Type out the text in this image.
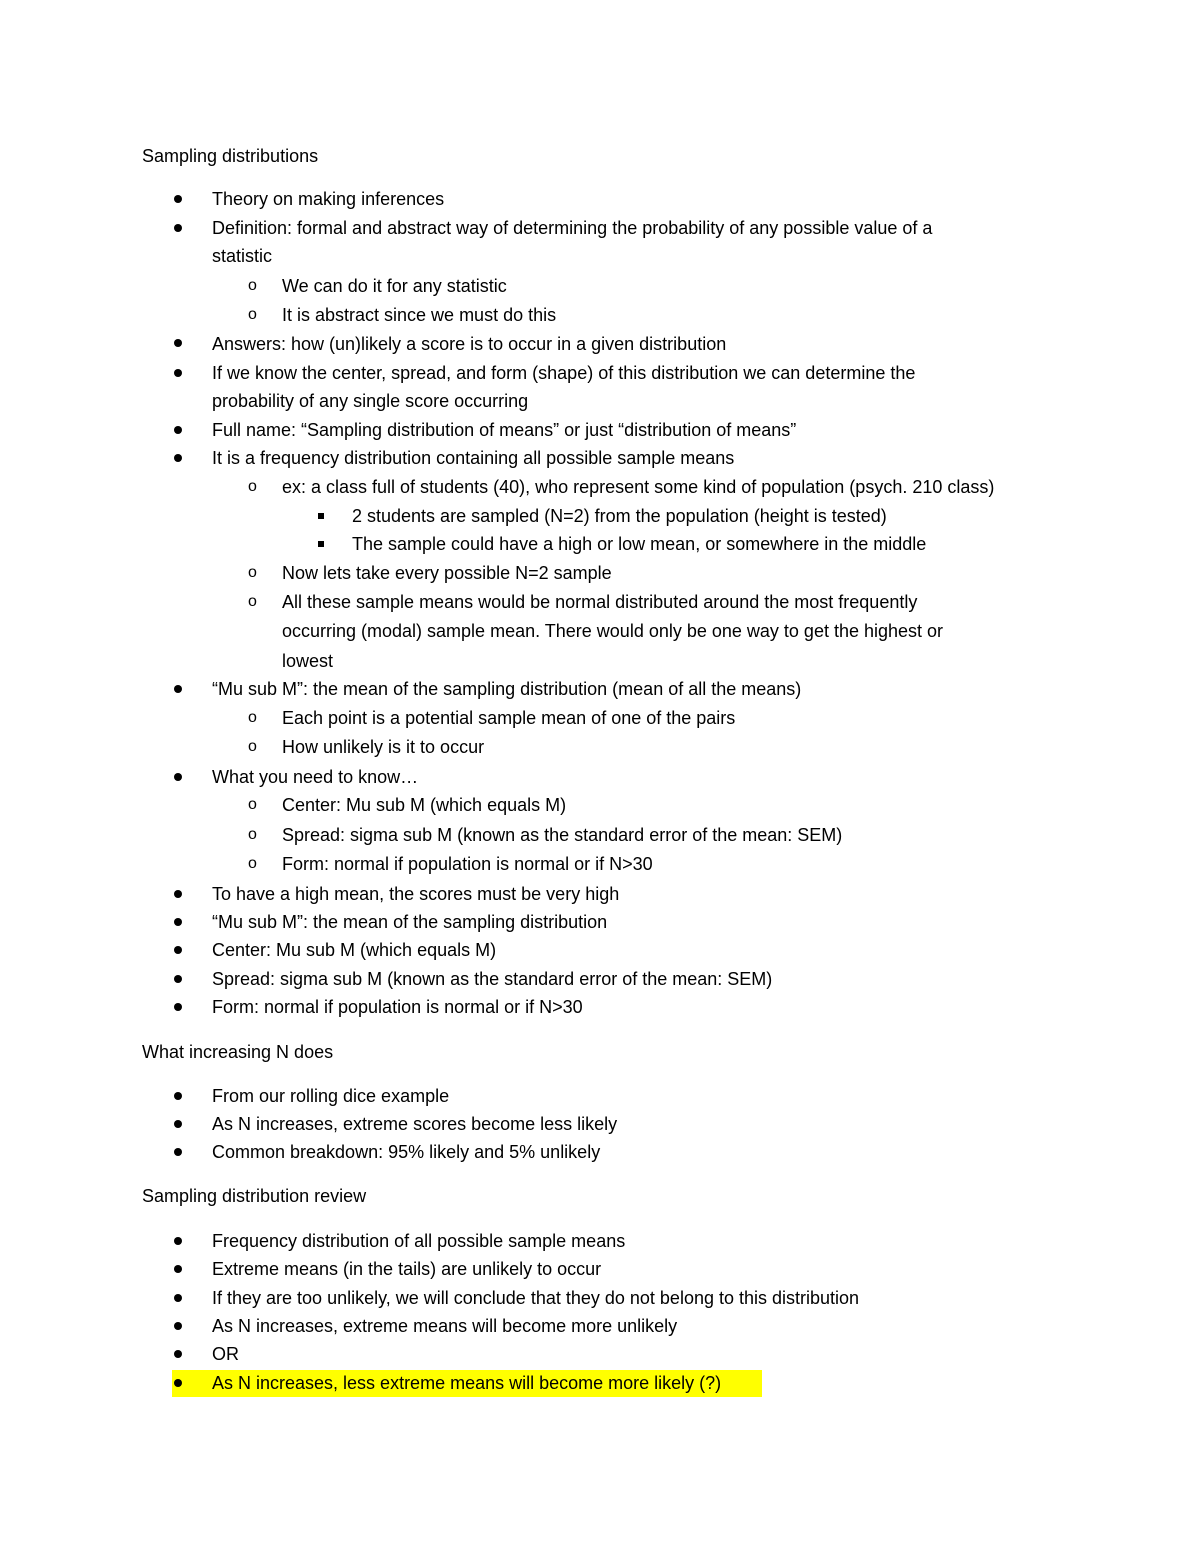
Sampling distributions
Theory on making inferences
Definition: formal and abstract way of determining the probability of any possible value of a
statistic
o We can do it for any statistic
o It is abstract since we must do this
Answers: how (un)likely a score is to occur in a given distribution
If we know the center, spread, and form (shape) of this distribution we can determine the
probability of any single score occurring
Full name: “Sampling distribution of means” or just “distribution of means”
It is a frequency distribution containing all possible sample means
o ex: a class full of students (40), who represent some kind of population (psych. 210 class)
2 students are sampled (N=2) from the population (height is tested)
The sample could have a high or low mean, or somewhere in the middle
o Now lets take every possible N=2 sample
o All these sample means would be normal distributed around the most frequently
occurring (modal) sample mean. There would only be one way to get the highest or
lowest
“Mu sub M”: the mean of the sampling distribution (mean of all the means)
o Each point is a potential sample mean of one of the pairs
o How unlikely is it to occur
What you need to know…
o Center: Mu sub M (which equals M)
o Spread: sigma sub M (known as the standard error of the mean: SEM)
o Form: normal if population is normal or if N>30
To have a high mean, the scores must be very high
“Mu sub M”: the mean of the sampling distribution
Center: Mu sub M (which equals M)
Spread: sigma sub M (known as the standard error of the mean: SEM)
Form: normal if population is normal or if N>30
What increasing N does
From our rolling dice example
As N increases, extreme scores become less likely
Common breakdown: 95% likely and 5% unlikely
Sampling distribution review
Frequency distribution of all possible sample means
Extreme means (in the tails) are unlikely to occur
If they are too unlikely, we will conclude that they do not belong to this distribution
As N increases, extreme means will become more unlikely
OR
As N increases, less extreme means will become more likely (?)
